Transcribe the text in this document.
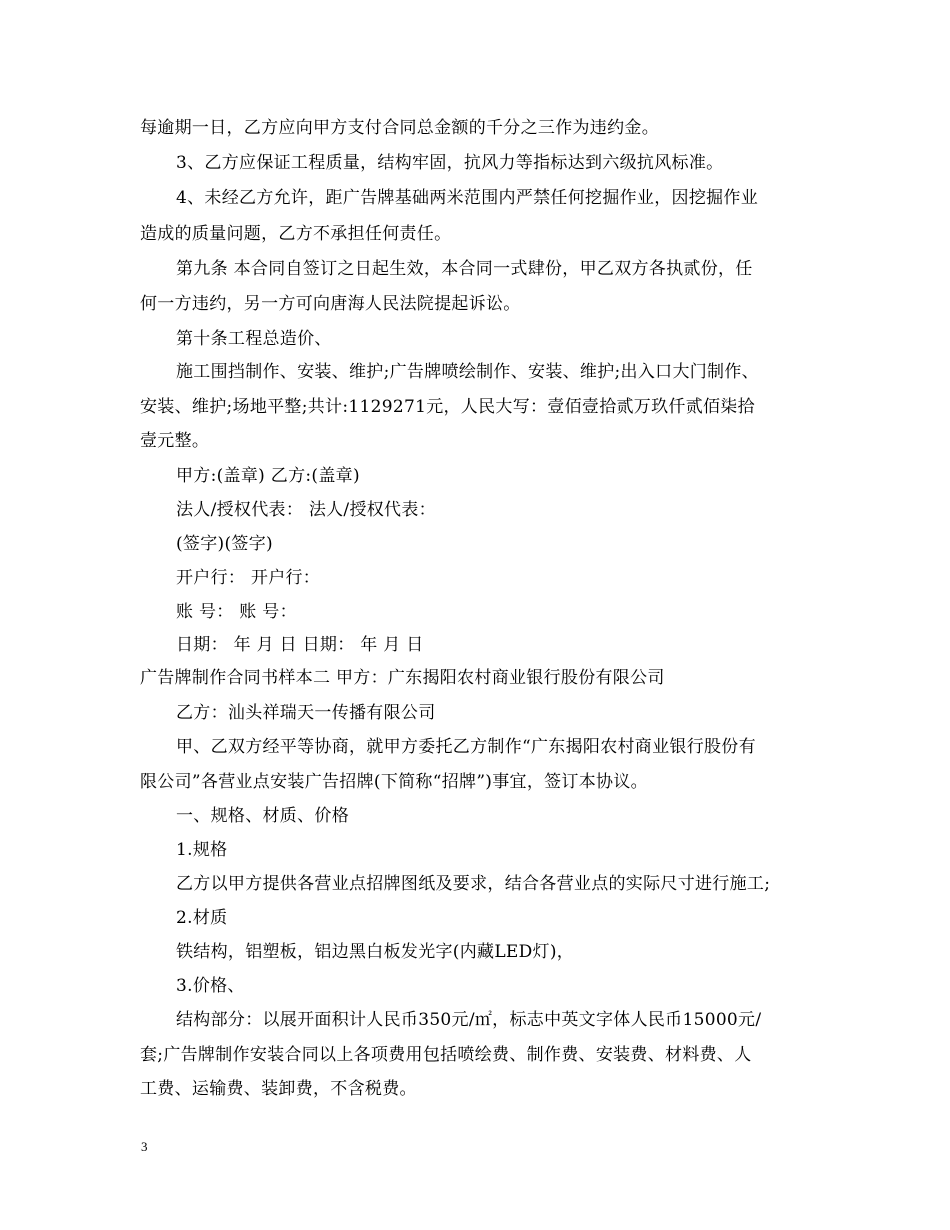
每逾期一日，乙方应向甲方支付合同总金额的千分之三作为违约金。
3、乙方应保证工程质量，结构牢固，抗风力等指标达到六级抗风标准。
4、未经乙方允许，距广告牌基础两米范围内严禁任何挖掘作业，因挖掘作业
造成的质量问题，乙方不承担任何责任。
第九条 本合同自签订之日起生效，本合同一式肆份，甲乙双方各执贰份，任
何一方违约，另一方可向唐海人民法院提起诉讼。
第十条工程总造价、
施工围挡制作、安装、维护;广告牌喷绘制作、安装、维护;出入口大门制作、
安装、维护;场地平整;共计:1129271元，人民大写：壹佰壹拾贰万玖仟贰佰柒拾
壹元整。
甲方:(盖章) 乙方:(盖章)
法人/授权代表： 法人/授权代表：
(签字)(签字)
开户行： 开户行：
账 号： 账 号：
日期： 年 月 日 日期： 年 月 日
广告牌制作合同书样本二 甲方：广东揭阳农村商业银行股份有限公司
乙方：汕头祥瑞天一传播有限公司
甲、乙双方经平等协商，就甲方委托乙方制作“广东揭阳农村商业银行股份有
限公司”各营业点安装广告招牌(下简称“招牌”)事宜，签订本协议。
一、规格、材质、价格
1.规格
乙方以甲方提供各营业点招牌图纸及要求，结合各营业点的实际尺寸进行施工;
2.材质
铁结构，铝塑板，铝边黑白板发光字(内藏LED灯)，
3.价格、
结构部分：以展开面积计人民币350元/㎡，标志中英文字体人民币15000元/
套;广告牌制作安装合同以上各项费用包括喷绘费、制作费、安装费、材料费、人
工费、运输费、装卸费，不含税费。
3
